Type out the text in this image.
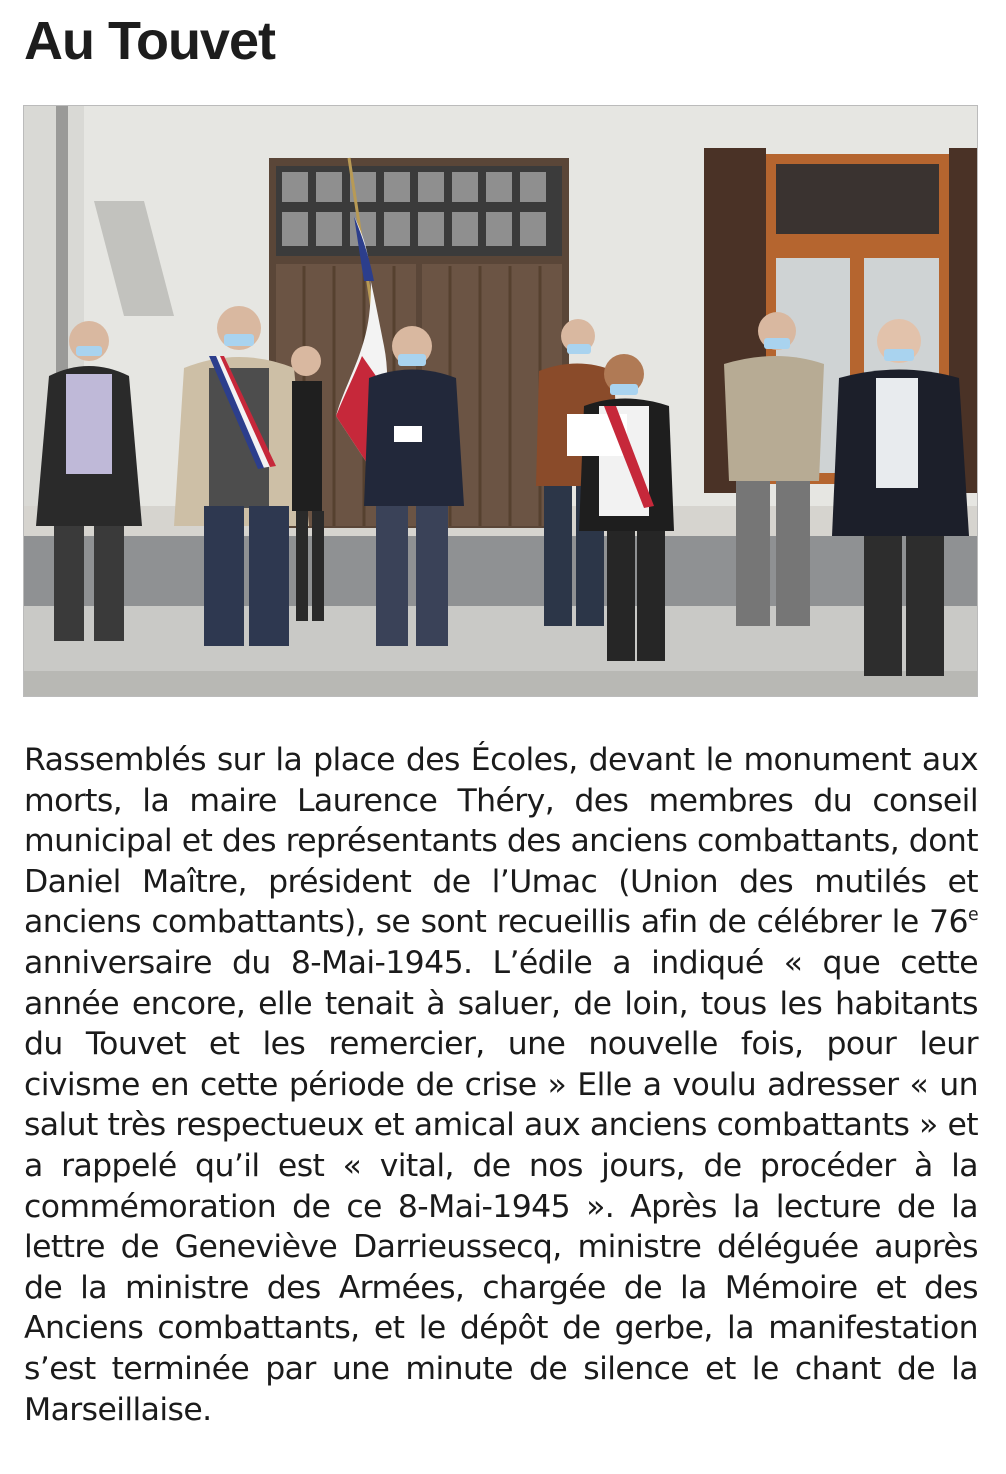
Au Touvet

Rassemblés sur la place des Écoles, devant le monument aux morts, la maire Laurence Théry, des membres du conseil municipal et des représentants des anciens combattants, dont Daniel Maître, président de l’Umac (Union des mutilés et anciens combattants), se sont recueillis afin de célébrer le 76e anniversaire du 8-Mai-1945. L’édile a indiqué « que cette année encore, elle tenait à saluer, de loin, tous les habitants du Touvet et les remercier, une nouvelle fois, pour leur civisme en cette période de crise » Elle a voulu adresser « un salut très respectueux et amical aux anciens combattants » et a rappelé qu’il est « vital, de nos jours, de procéder à la commémoration de ce 8-Mai-1945 ». Après la lecture de la lettre de Geneviève Darrieussecq, ministre déléguée auprès de la ministre des Armées, chargée de la Mémoire et des Anciens combattants, et le dépôt de gerbe, la manifestation s’est terminée par une minute de silence et le chant de la Marseillaise.
